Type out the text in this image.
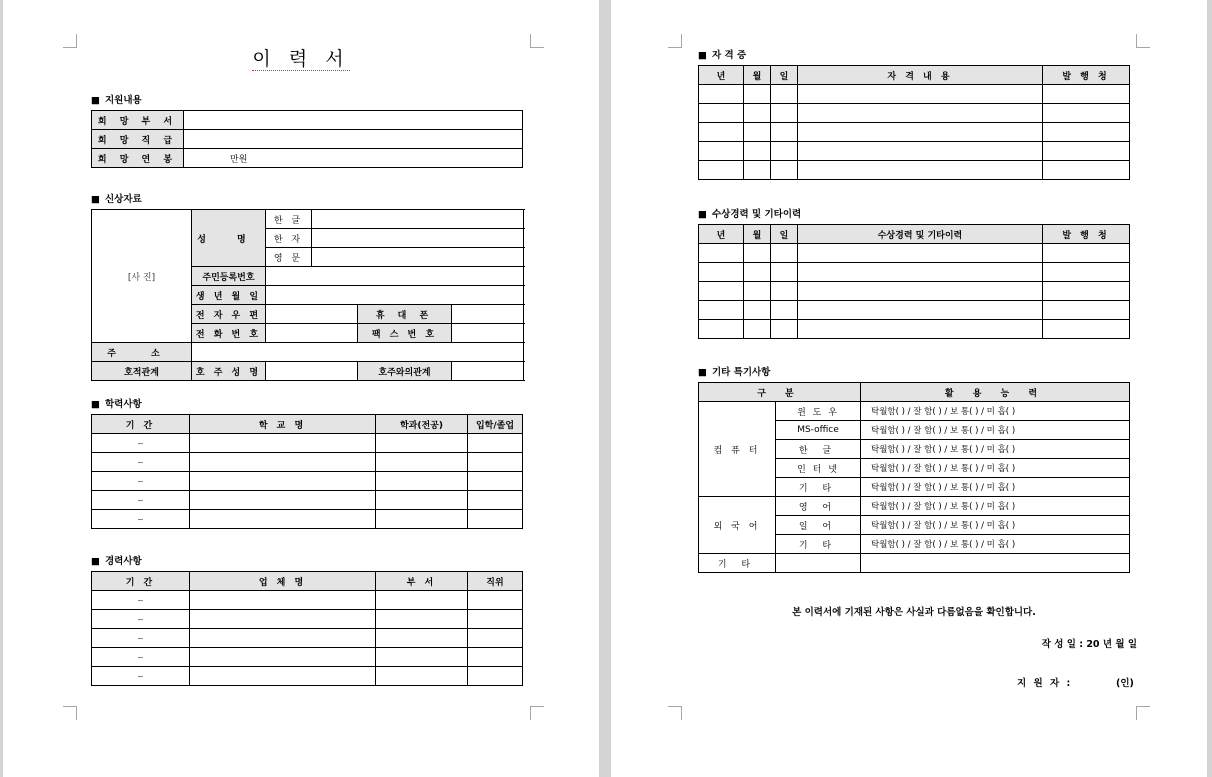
이 력 서
■ 지원내용
희 망 부 서	
희 망 직 급	
희 망 연 봉	만원
■ 신상자료
[사 진]	성 명	한 글			
		한 자			
		영 문			
	주민등록번호				
	생 년 월 일				
	전 자 우 편			휴 대 폰	
	전 화 번 호			팩 스 번 호	
주 소					
호적관계	호 주 성 명			호주와의관계	
■ 학력사항
기 간	학 교 명	학과(전공)	입학/졸업
~			
~			
~			
~			
~			
■ 경력사항
기 간	업 체 명	부 서	직위
~			
~			
~			
~			
~			
■ 자 격 증
년	월	일	자 격 내 용	발 행 청

■ 수상경력 및 기타이력
년	월	일	수상경력 및 기타이력	발 행 청

■ 기타 특기사항
구 분		활 용 능 력
컴 퓨 터	윈 도 우	탁월함( ) / 잘 함( ) / 보 통( ) / 미 흡( )
	MS-office	탁월함( ) / 잘 함( ) / 보 통( ) / 미 흡( )
	한 글	탁월함( ) / 잘 함( ) / 보 통( ) / 미 흡( )
	인 터 넷	탁월함( ) / 잘 함( ) / 보 통( ) / 미 흡( )
	기 타	탁월함( ) / 잘 함( ) / 보 통( ) / 미 흡( )
외 국 어	영 어	탁월함( ) / 잘 함( ) / 보 통( ) / 미 흡( )
	일 어	탁월함( ) / 잘 함( ) / 보 통( ) / 미 흡( )
	기 타	탁월함( ) / 잘 함( ) / 보 통( ) / 미 흡( )
기 타		
본 이력서에 기재된 사항은 사실과 다름없음을 확인합니다.
작 성 일 : 20 년 월 일
지 원 자 :	(인)
